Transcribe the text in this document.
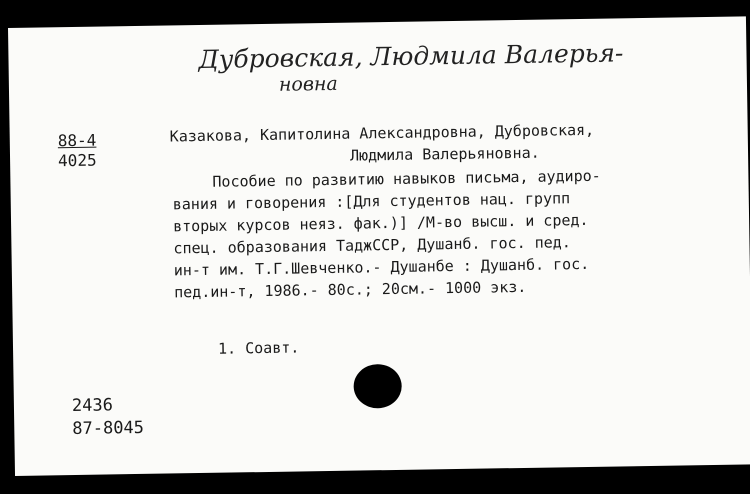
Дубровская, Людмила Валерья-
новна
88-4
4025
Казакова, Капитолина Александровна, Дубровская,
Людмила Валерьяновна.
Пособие по развитию навыков письма, аудиро-
вания и говорения :[Для студентов нац. групп
вторых курсов неяз. фак.)] /М-во высш. и сред.
спец. образования ТаджССР, Душанб. гос. пед.
ин-т им. Т.Г.Шевченко.- Душанбе : Душанб. гос.
пед.ин-т, 1986.- 80с.; 20см.- 1000 экз.
1. Соавт.
2436
87-8045
